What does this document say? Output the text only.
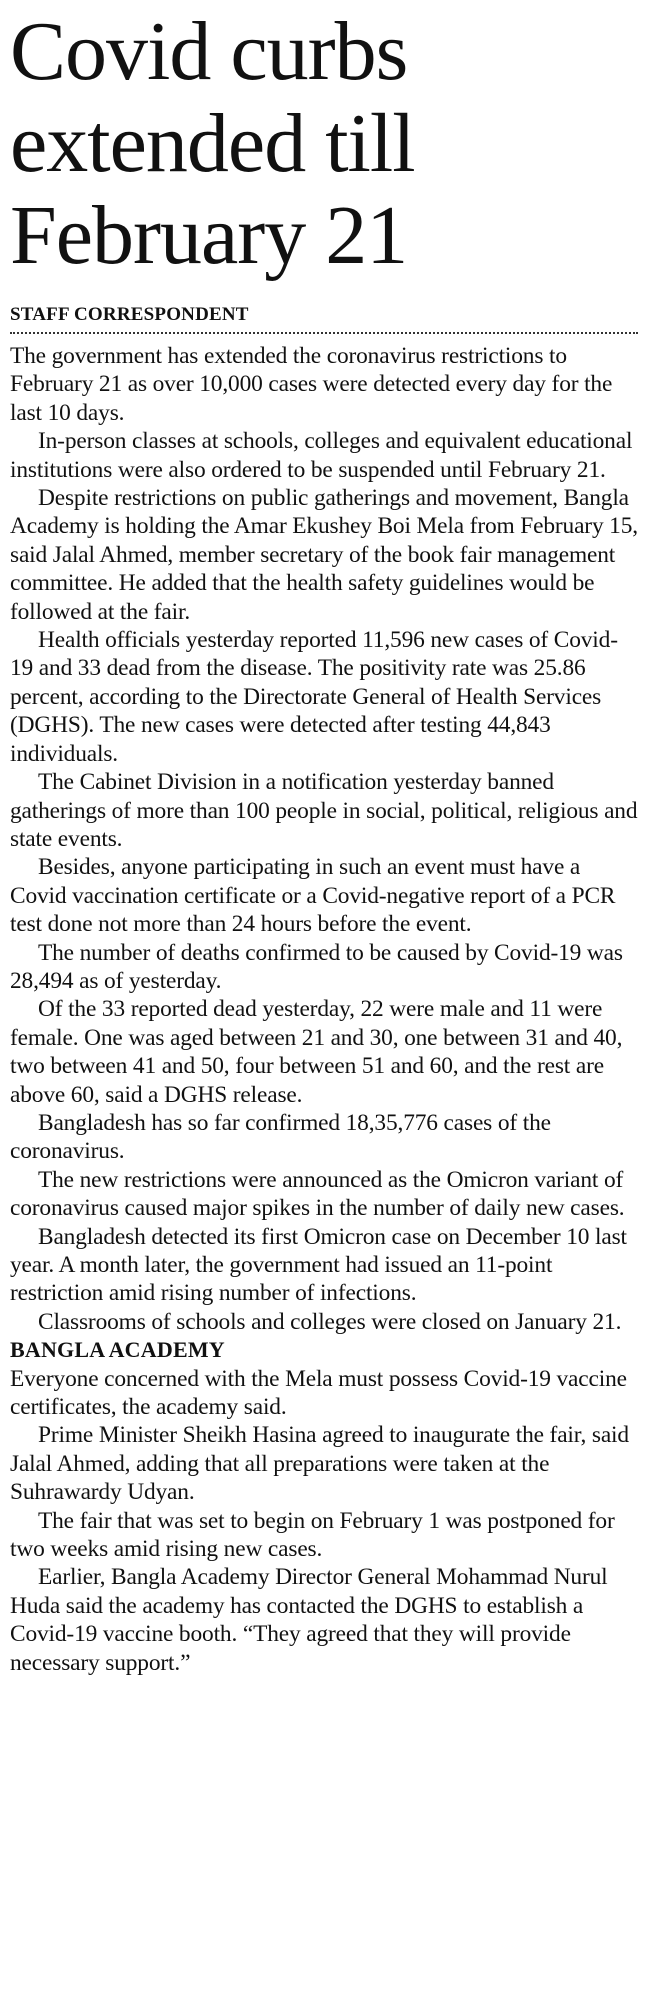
Covid curbs extended till February 21
STAFF CORRESPONDENT

The government has extended the coronavirus restrictions to February 21 as over 10,000 cases were detected every day for the last 10 days.

In-person classes at schools, colleges and equivalent educational institutions were also ordered to be suspended until February 21.

Despite restrictions on public gatherings and movement, Bangla Academy is holding the Amar Ekushey Boi Mela from February 15, said Jalal Ahmed, member secretary of the book fair management committee. He added that the health safety guidelines would be followed at the fair.

Health officials yesterday reported 11,596 new cases of Covid-19 and 33 dead from the disease. The positivity rate was 25.86 percent, according to the Directorate General of Health Services (DGHS). The new cases were detected after testing 44,843 individuals.

The Cabinet Division in a notification yesterday banned gatherings of more than 100 people in social, political, religious and state events.

Besides, anyone participating in such an event must have a Covid vaccination certificate or a Covid-negative report of a PCR test done not more than 24 hours before the event.

The number of deaths confirmed to be caused by Covid-19 was 28,494 as of yesterday.

Of the 33 reported dead yesterday, 22 were male and 11 were female. One was aged between 21 and 30, one between 31 and 40, two between 41 and 50, four between 51 and 60, and the rest are above 60, said a DGHS release.

Bangladesh has so far confirmed 18,35,776 cases of the coronavirus.

The new restrictions were announced as the Omicron variant of coronavirus caused major spikes in the number of daily new cases.

Bangladesh detected its first Omicron case on December 10 last year. A month later, the government had issued an 11-point restriction amid rising number of infections.

Classrooms of schools and colleges were closed on January 21.

BANGLA ACADEMY

Everyone concerned with the Mela must possess Covid-19 vaccine certificates, the academy said.

Prime Minister Sheikh Hasina agreed to inaugurate the fair, said Jalal Ahmed, adding that all preparations were taken at the Suhrawardy Udyan.

The fair that was set to begin on February 1 was postponed for two weeks amid rising new cases.

Earlier, Bangla Academy Director General Mohammad Nurul Huda said the academy has contacted the DGHS to establish a Covid-19 vaccine booth. “They agreed that they will provide necessary support.”
